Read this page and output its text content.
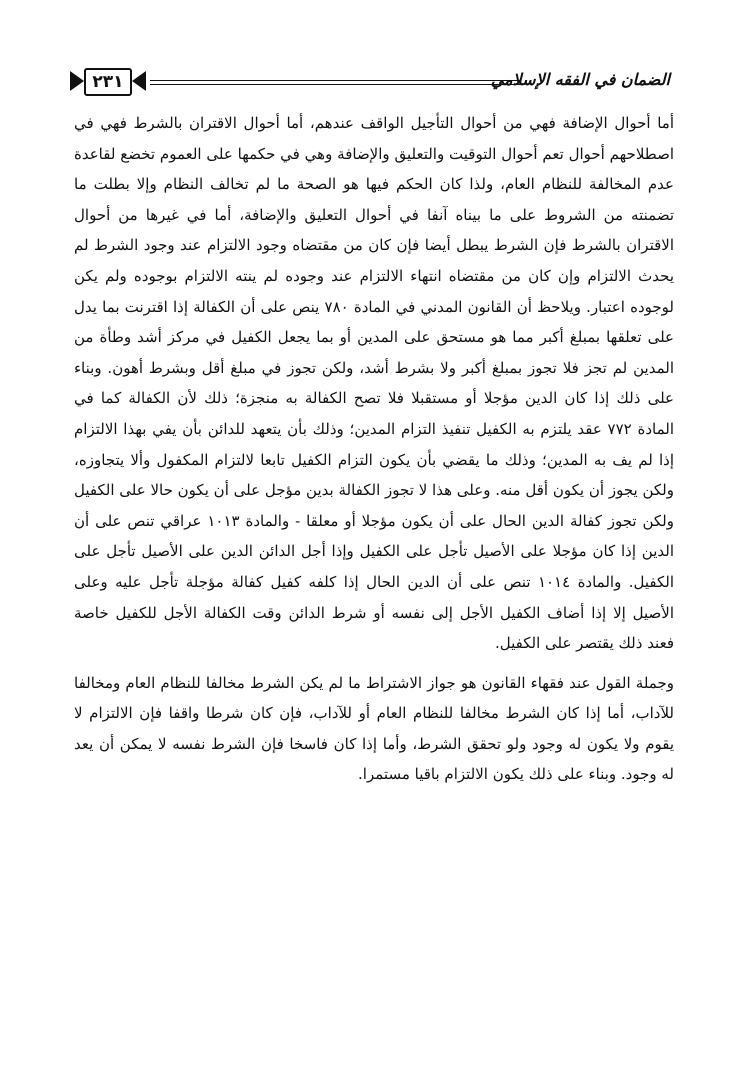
٢٣١	الضمان في الفقه الإسلامي

أما أحوال الإضافة فهي من أحوال التأجيل الواقف عندهم، أما أحوال الاقتران بالشرط فهي في اصطلاحهم أحوال تعم أحوال التوقيت والتعليق والإضافة وهي في حكمها على العموم تخضع لقاعدة عدم المخالفة للنظام العام، ولذا كان الحكم فيها هو الصحة ما لم تخالف النظام وإلا بطلت ما تضمنته من الشروط على ما بيناه آنفا في أحوال التعليق والإضافة، أما في غيرها من أحوال الاقتران بالشرط فإن الشرط يبطل أيضا فإن كان من مقتضاه وجود الالتزام عند وجود الشرط لم يحدث الالتزام وإن كان من مقتضاه انتهاء الالتزام عند وجوده لم ينته الالتزام بوجوده ولم يكن لوجوده اعتبار. ويلاحظ أن القانون المدني في المادة ٧٨٠ ينص على أن الكفالة إذا اقترنت بما يدل على تعلقها بمبلغ أكبر مما هو مستحق على المدين أو بما يجعل الكفيل في مركز أشد وطأة من المدين لم تجز فلا تجوز بمبلغ أكبر ولا بشرط أشد، ولكن تجوز في مبلغ أقل وبشرط أهون. وبناء على ذلك إذا كان الدين مؤجلا أو مستقبلا فلا تصح الكفالة به منجزة؛ ذلك لأن الكفالة كما في المادة ٧٧٢ عقد يلتزم به الكفيل تنفيذ التزام المدين؛ وذلك بأن يتعهد للدائن بأن يفي بهذا الالتزام إذا لم يف به المدين؛ وذلك ما يقضي بأن يكون التزام الكفيل تابعا لالتزام المكفول وألا يتجاوزه، ولكن يجوز أن يكون أقل منه. وعلى هذا لا تجوز الكفالة بدين مؤجل على أن يكون حالا على الكفيل ولكن تجوز كفالة الدين الحال على أن يكون مؤجلا أو معلقا - والمادة ١٠١٣ عراقي تنص على أن الدين إذا كان مؤجلا على الأصيل تأجل على الكفيل وإذا أجل الدائن الدين على الأصيل تأجل على الكفيل. والمادة ١٠١٤ تنص على أن الدين الحال إذا كلفه كفيل كفالة مؤجلة تأجل عليه وعلى الأصيل إلا إذا أضاف الكفيل الأجل إلى نفسه أو شرط الدائن وقت الكفالة الأجل للكفيل خاصة فعند ذلك يقتصر على الكفيل.

وجملة القول عند فقهاء القانون هو جواز الاشتراط ما لم يكن الشرط مخالفا للنظام العام ومخالفا للآداب، أما إذا كان الشرط مخالفا للنظام العام أو للآداب، فإن كان شرطا واقفا فإن الالتزام لا يقوم ولا يكون له وجود ولو تحقق الشرط، وأما إذا كان فاسخا فإن الشرط نفسه لا يمكن أن يعد له وجود. وبناء على ذلك يكون الالتزام باقيا مستمرا.
